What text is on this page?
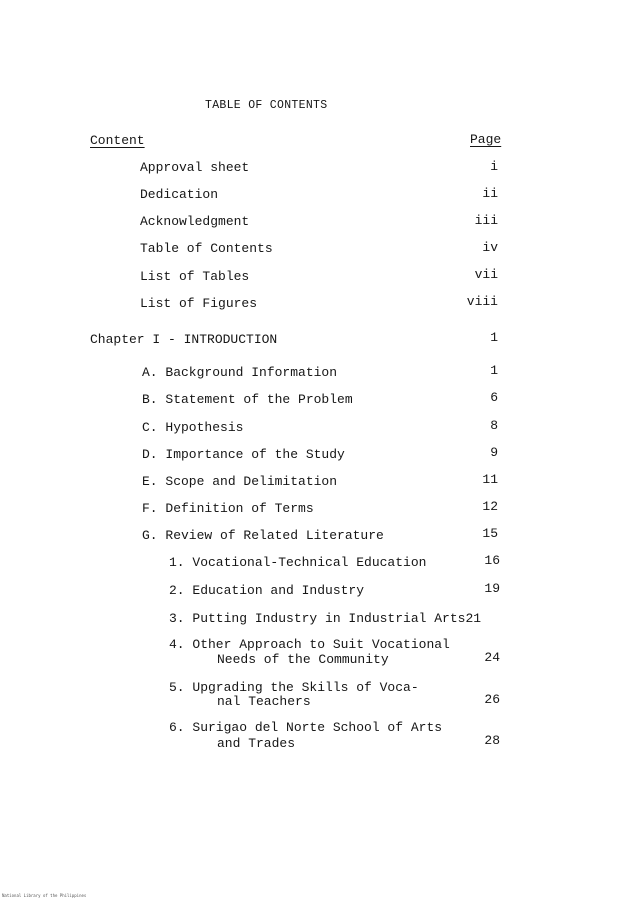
TABLE OF CONTENTS
Content	Page
Approval sheet	i
Dedication	ii
Acknowledgment	iii
Table of Contents	iv
List of Tables	vii
List of Figures	viii
Chapter I - INTRODUCTION	1
A. Background Information	1
B. Statement of the Problem	6
C. Hypothesis	8
D. Importance of the Study	9
E. Scope and Delimitation	11
F. Definition of Terms	12
G. Review of Related Literature	15
1. Vocational-Technical Education	16
2. Education and Industry	19
3. Putting Industry in Industrial Arts21
4. Other Approach to Suit Vocational
Needs of the Community	24
5. Upgrading the Skills of Voca-
nal Teachers	26
6. Surigao del Norte School of Arts
and Trades	28
National Library of the Philippines
